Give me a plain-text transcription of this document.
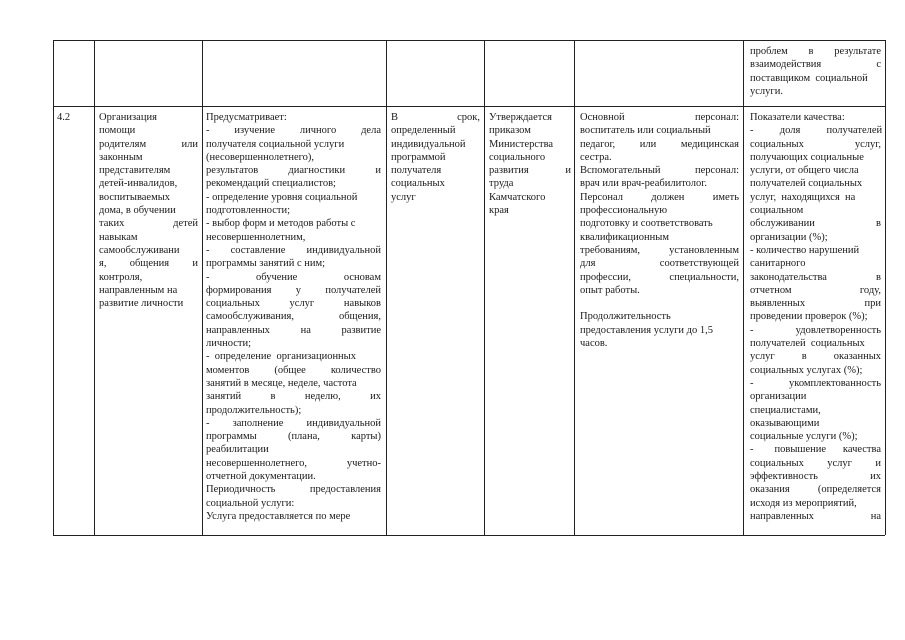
проблем    в    результате
взаимодействия              с
поставщиком  социальной
услуги.
4.2	Организация
помощи
родителям        или
законным
представителям
детей-инвалидов,
воспитываемых
дома, в обучении
таких             детей
навыкам
самообслуживани
я,     общения     и
контроля,
направленным на
развитие личности
Предусматривает:
-    изучение    личного    дела
получателя социальной услуги
(несовершеннолетнего),
результатов    диагностики    и
рекомендаций специалистов;
- определение уровня социальной
подготовленности;
- выбор форм и методов работы с
несовершеннолетним,
-   составление   индивидуальной
программы занятий с ним;
-            обучение            основам
формирования   у   получателей
социальных    услуг    навыков
самообслуживания,      общения,
направленных       на       развитие
личности;
-  определение  организационных
моментов    (общее    количество
занятий в месяце, неделе, частота
занятий       в       неделю,       их
продолжительность);
-   заполнение   индивидуальной
программы       (плана,       карты)
реабилитации
несовершеннолетнего,    учетно-
отчетной документации.
Периодичность   предоставления
социальной услуги:
Услуга предоставляется по мере
В                срок,
определенный
индивидуальной
программой
получателя
социальных
услуг
Утверждается
приказом
Министерства
социального
развития           и
труда
Камчатского
края
Основной            персонал:
воспитатель или социальный
педагог,    или    медицинская
сестра.
Вспомогательный   персонал:
врач или врач-реабилитолог.
Персонал      должен      иметь
профессиональную
подготовку и соответствовать
квалификационным
требованиям,   установленным
для            соответствующей
профессии,      специальности,
опыт работы.
Продолжительность
предоставления услуги до 1,5
часов.
Показатели качества:
-          доля          получателей
социальных             услуг,
получающих социальные
услуги, от общего числа
получателей социальных
услуг,  находящихся  на
социальном
обслуживании            в
организации (%);
- количество нарушений
санитарного
законодательства           в
отчетном                 году,
выявленных               при
проведении проверок (%);
-         удовлетворенность
получателей  социальных
услуг        в        оказанных
социальных услугах (%);
-           укомплектованность
организации
специалистами,
оказывающими
социальные услуги (%);
-     повышение    качества
социальных      услуг      и
эффективность            их
оказания     (определяется
исходя из мероприятий,
направленных              на
